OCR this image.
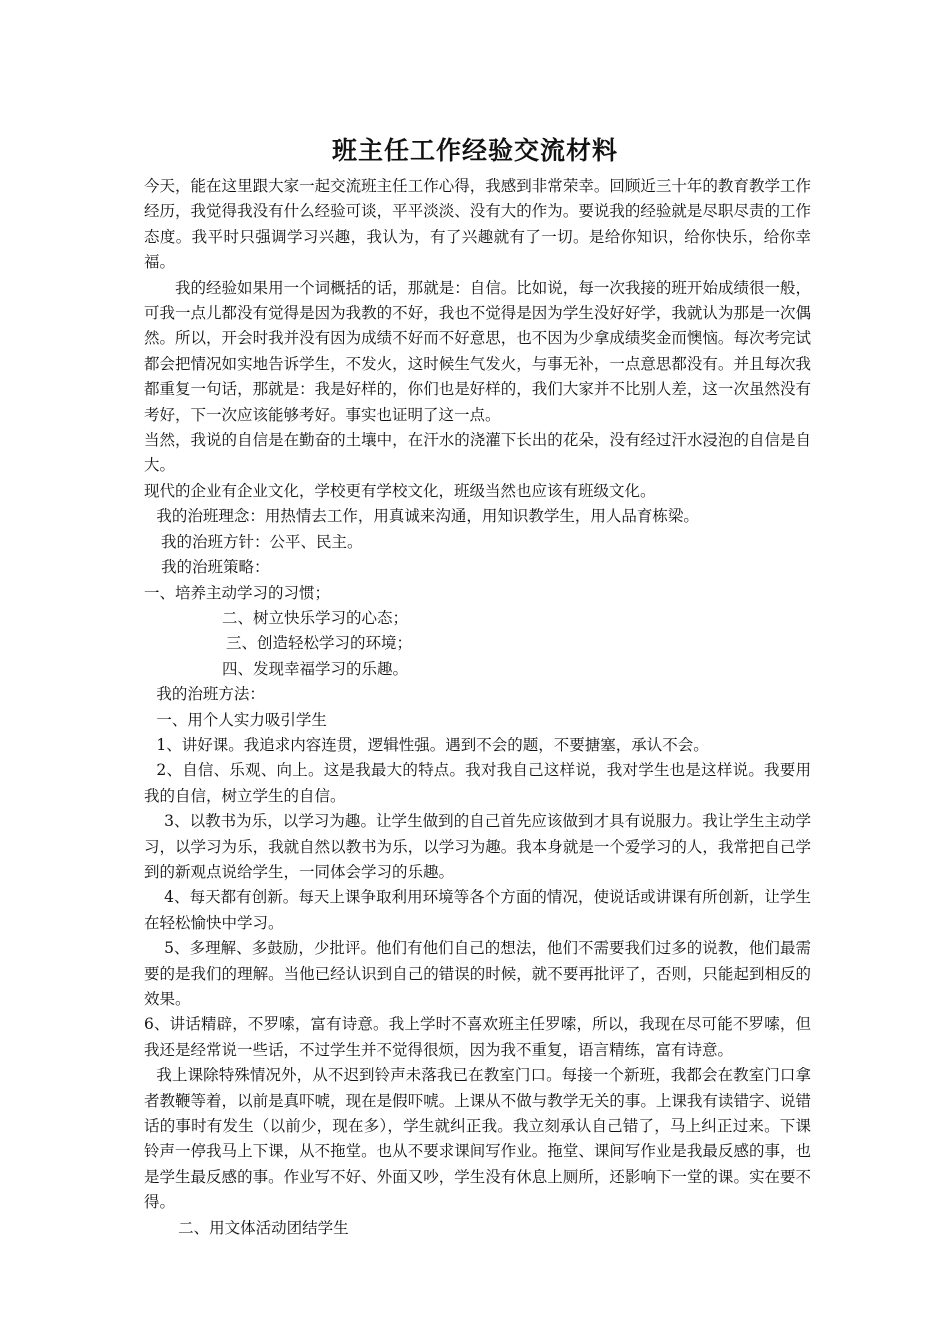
班主任工作经验交流材料

今天，能在这里跟大家一起交流班主任工作心得，我感到非常荣幸。回顾近三十年的教育教学工作经历，我觉得我没有什么经验可谈，平平淡淡、没有大的作为。要说我的经验就是尽职尽责的工作态度。我平时只强调学习兴趣，我认为，有了兴趣就有了一切。是给你知识，给你快乐，给你幸福。

我的经验如果用一个词概括的话，那就是：自信。比如说，每一次我接的班开始成绩很一般，可我一点儿都没有觉得是因为我教的不好，我也不觉得是因为学生没好好学，我就认为那是一次偶然。所以，开会时我并没有因为成绩不好而不好意思，也不因为少拿成绩奖金而懊恼。每次考完试都会把情况如实地告诉学生，不发火，这时候生气发火，与事无补，一点意思都没有。并且每次我都重复一句话，那就是：我是好样的，你们也是好样的，我们大家并不比别人差，这一次虽然没有考好，下一次应该能够考好。事实也证明了这一点。

当然，我说的自信是在勤奋的土壤中，在汗水的浇灌下长出的花朵，没有经过汗水浸泡的自信是自大。

现代的企业有企业文化，学校更有学校文化，班级当然也应该有班级文化。

我的治班理念：用热情去工作，用真诚来沟通，用知识教学生，用人品育栋梁。

我的治班方针：公平、民主。

我的治班策略：

一、培养主动学习的习惯；

二、树立快乐学习的心态；

三、创造轻松学习的环境；

四、发现幸福学习的乐趣。

我的治班方法：

一、用个人实力吸引学生

1、讲好课。我追求内容连贯，逻辑性强。遇到不会的题，不要搪塞，承认不会。

2、自信、乐观、向上。这是我最大的特点。我对我自己这样说，我对学生也是这样说。我要用我的自信，树立学生的自信。

3、以教书为乐，以学习为趣。让学生做到的自己首先应该做到才具有说服力。我让学生主动学习，以学习为乐，我就自然以教书为乐，以学习为趣。我本身就是一个爱学习的人，我常把自己学到的新观点说给学生，一同体会学习的乐趣。

4、每天都有创新。每天上课争取利用环境等各个方面的情况，使说话或讲课有所创新，让学生在轻松愉快中学习。

5、多理解、多鼓励，少批评。他们有他们自己的想法，他们不需要我们过多的说教，他们最需要的是我们的理解。当他已经认识到自己的错误的时候，就不要再批评了，否则，只能起到相反的效果。

6、讲话精辟，不罗嗦，富有诗意。我上学时不喜欢班主任罗嗦，所以，我现在尽可能不罗嗦，但我还是经常说一些话，不过学生并不觉得很烦，因为我不重复，语言精练，富有诗意。

我上课除特殊情况外，从不迟到铃声未落我已在教室门口。每接一个新班，我都会在教室门口拿者教鞭等着，以前是真吓唬，现在是假吓唬。上课从不做与教学无关的事。上课我有读错字、说错话的事时有发生（以前少，现在多），学生就纠正我。我立刻承认自己错了，马上纠正过来。下课铃声一停我马上下课，从不拖堂。也从不要求课间写作业。拖堂、课间写作业是我最反感的事，也是学生最反感的事。作业写不好、外面又吵，学生没有休息上厕所，还影响下一堂的课。实在要不得。

二、用文体活动团结学生
